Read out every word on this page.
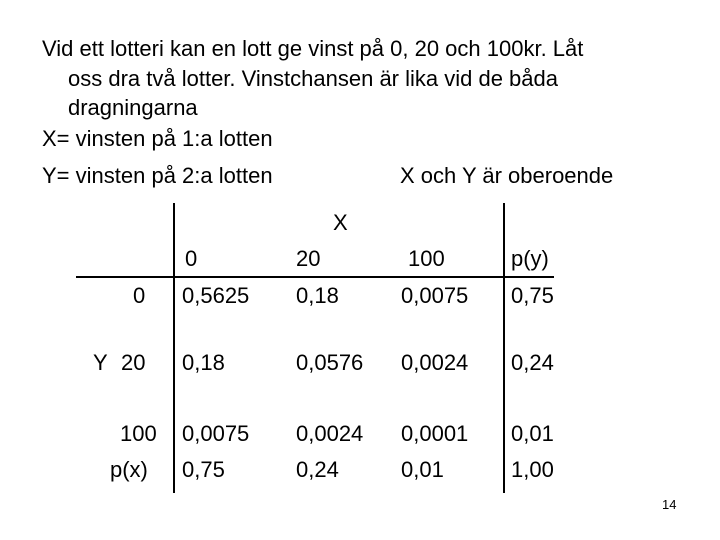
Vid ett lotteri kan en lott ge vinst på 0, 20 och 100kr. Låt
oss dra två lotter. Vinstchansen är lika vid de båda
dragningarna
X= vinsten på 1:a lotten
Y= vinsten på 2:a lotten	X och Y är oberoende
X
0	20	100	p(y)
0 0,5625 0,18	0,0075 0,75
Y 20 0,18	0,0576 0,0024 0,24
100 0,0075 0,0024 0,0001 0,01
p(x) 0,75	0,24	0,01	1,00
14
